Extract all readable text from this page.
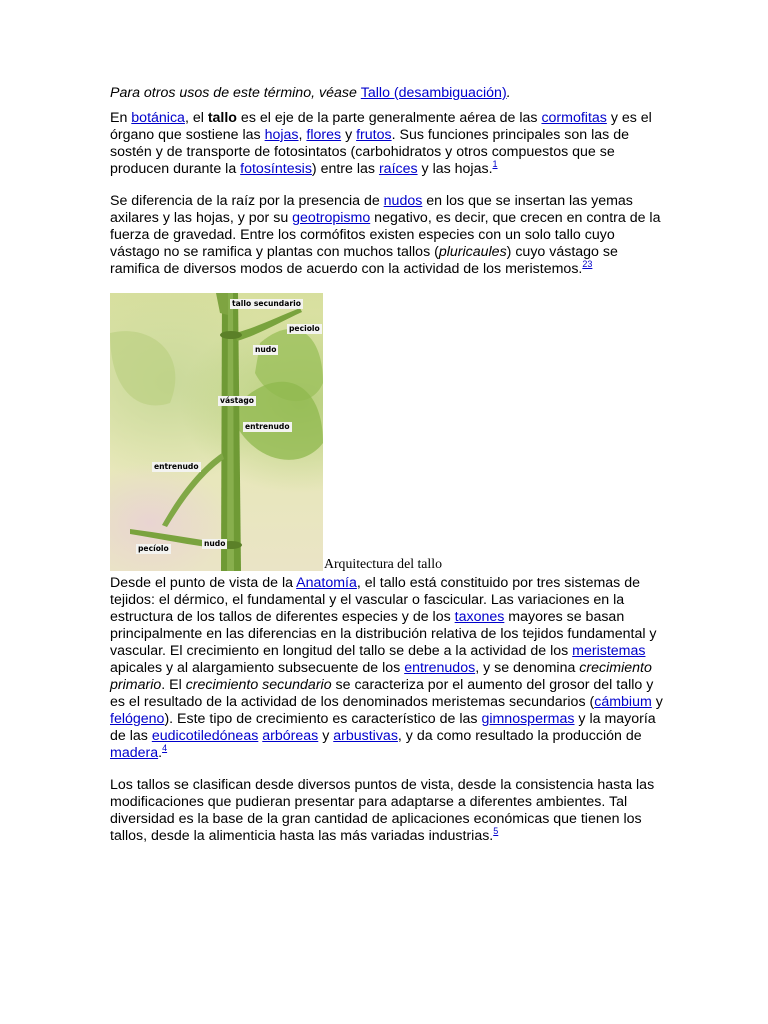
Para otros usos de este término, véase Tallo (desambiguación).

En botánica, el tallo es el eje de la parte generalmente aérea de las cormofitas y es el órgano que sostiene las hojas, flores y frutos. Sus funciones principales son las de sostén y de transporte de fotosintatos (carbohidratos y otros compuestos que se producen durante la fotosíntesis) entre las raíces y las hojas.$^1$

Se diferencia de la raíz por la presencia de nudos en los que se insertan las yemas axilares y las hojas, y por su geotropismo negativo, es decir, que crecen en contra de la fuerza de gravedad. Entre los cormófitos existen especies con un solo tallo cuyo vástago no se ramifica y plantas con muchos tallos (pluricaules) cuyo vástago se ramifica de diversos modos de acuerdo con la actividad de los meristemos.$^{23}$

tallo secundario
peciolo
nudo
vástago
entrenudo
entrenudo
nudo
pecíolo
Arquitectura del tallo

Desde el punto de vista de la Anatomía, el tallo está constituido por tres sistemas de tejidos: el dérmico, el fundamental y el vascular o fascicular. Las variaciones en la estructura de los tallos de diferentes especies y de los taxones mayores se basan principalmente en las diferencias en la distribución relativa de los tejidos fundamental y vascular. El crecimiento en longitud del tallo se debe a la actividad de los meristemas apicales y al alargamiento subsecuente de los entrenudos, y se denomina crecimiento primario. El crecimiento secundario se caracteriza por el aumento del grosor del tallo y es el resultado de la actividad de los denominados meristemas secundarios (cámbium y felógeno). Este tipo de crecimiento es característico de las gimnospermas y la mayoría de las eudicotiledóneas arbóreas y arbustivas, y da como resultado la producción de madera.$^4$

Los tallos se clasifican desde diversos puntos de vista, desde la consistencia hasta las modificaciones que pudieran presentar para adaptarse a diferentes ambientes. Tal diversidad es la base de la gran cantidad de aplicaciones económicas que tienen los tallos, desde la alimenticia hasta las más variadas industrias.$^5$
